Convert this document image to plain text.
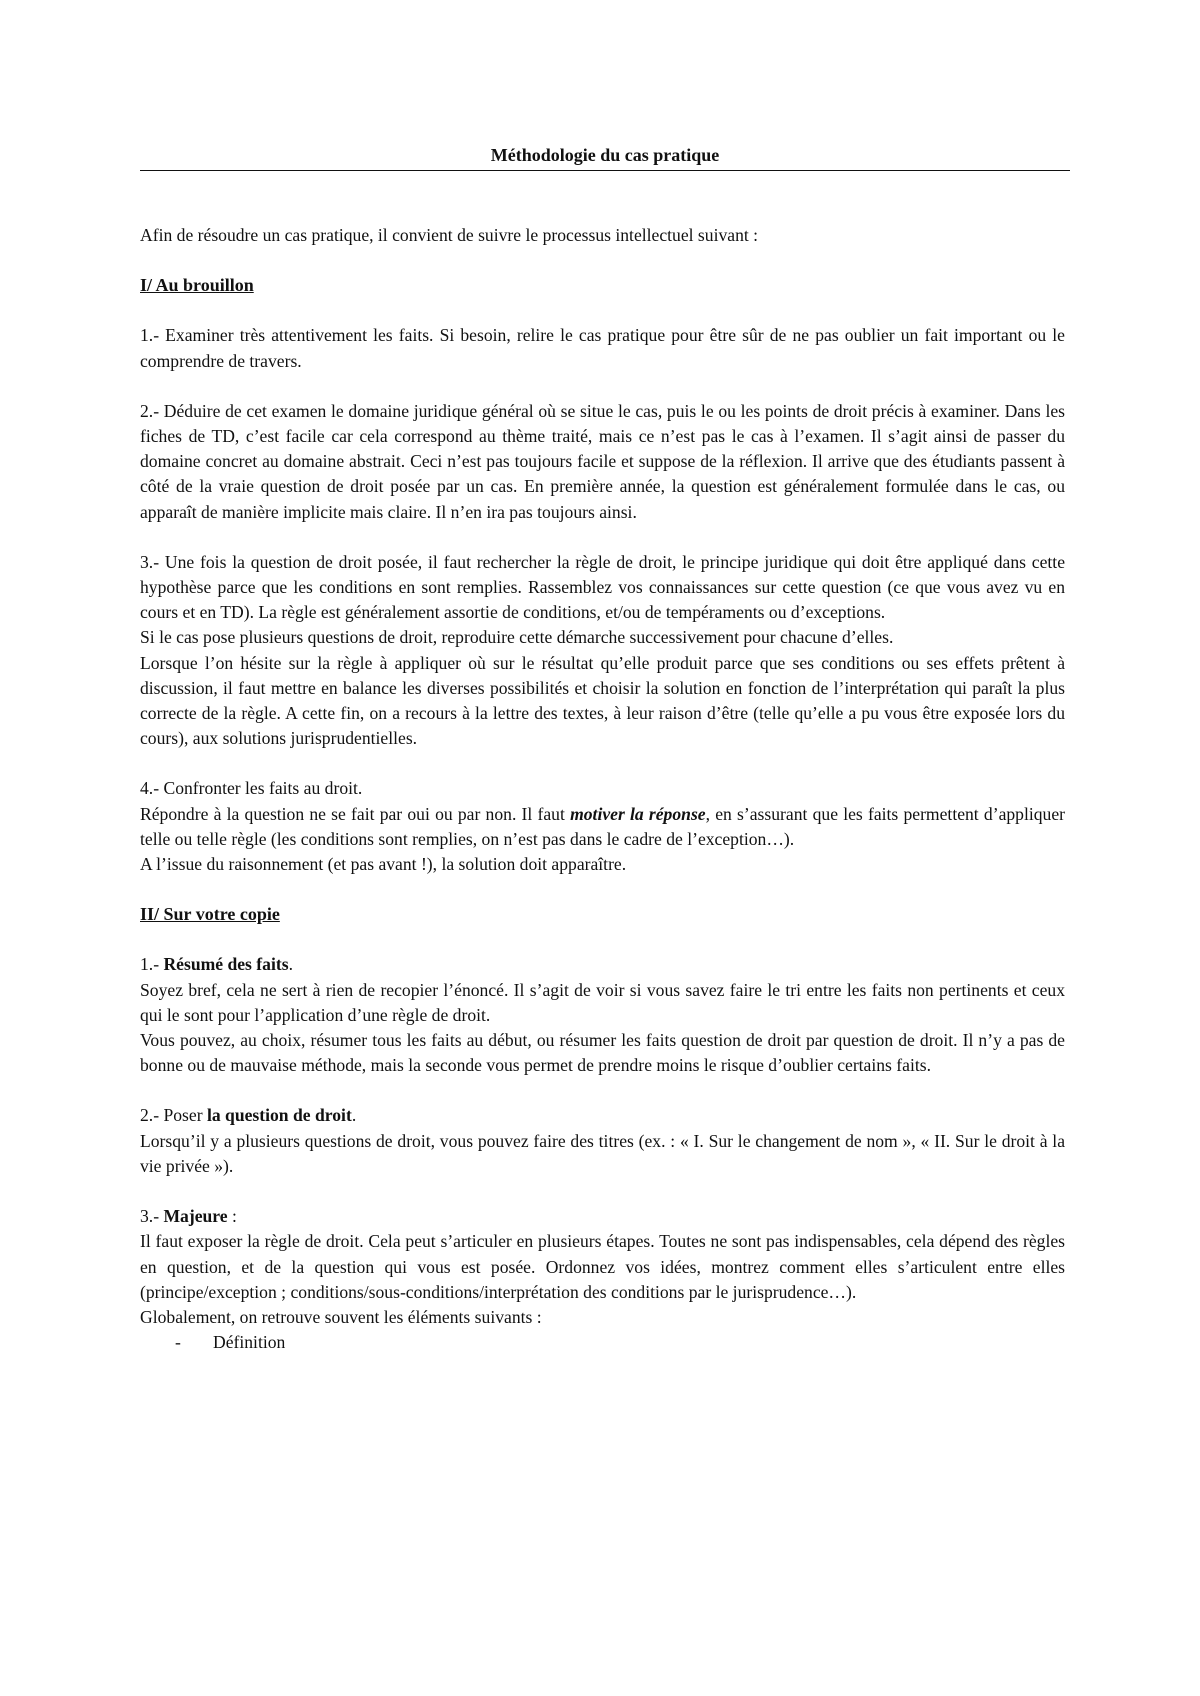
Méthodologie du cas pratique

Afin de résoudre un cas pratique, il convient de suivre le processus intellectuel suivant :

I/ Au brouillon

1.- Examiner très attentivement les faits. Si besoin, relire le cas pratique pour être sûr de ne pas oublier un fait important ou le comprendre de travers.

2.- Déduire de cet examen le domaine juridique général où se situe le cas, puis le ou les points de droit précis à examiner. Dans les fiches de TD, c’est facile car cela correspond au thème traité, mais ce n’est pas le cas à l’examen. Il s’agit ainsi de passer du domaine concret au domaine abstrait. Ceci n’est pas toujours facile et suppose de la réflexion. Il arrive que des étudiants passent à côté de la vraie question de droit posée par un cas. En première année, la question est généralement formulée dans le cas, ou apparaît de manière implicite mais claire. Il n’en ira pas toujours ainsi.

3.- Une fois la question de droit posée, il faut rechercher la règle de droit, le principe juridique qui doit être appliqué dans cette hypothèse parce que les conditions en sont remplies. Rassemblez vos connaissances sur cette question (ce que vous avez vu en cours et en TD). La règle est généralement assortie de conditions, et/ou de tempéraments ou d’exceptions.

Si le cas pose plusieurs questions de droit, reproduire cette démarche successivement pour chacune d’elles.

Lorsque l’on hésite sur la règle à appliquer où sur le résultat qu’elle produit parce que ses conditions ou ses effets prêtent à discussion, il faut mettre en balance les diverses possibilités et choisir la solution en fonction de l’interprétation qui paraît la plus correcte de la règle. A cette fin, on a recours à la lettre des textes, à leur raison d’être (telle qu’elle a pu vous être exposée lors du cours), aux solutions jurisprudentielles.

4.- Confronter les faits au droit.

Répondre à la question ne se fait par oui ou par non. Il faut motiver la réponse, en s’assurant que les faits permettent d’appliquer telle ou telle règle (les conditions sont remplies, on n’est pas dans le cadre de l’exception…).

A l’issue du raisonnement (et pas avant !), la solution doit apparaître.

II/ Sur votre copie

1.- Résumé des faits.

Soyez bref, cela ne sert à rien de recopier l’énoncé. Il s’agit de voir si vous savez faire le tri entre les faits non pertinents et ceux qui le sont pour l’application d’une règle de droit.

Vous pouvez, au choix, résumer tous les faits au début, ou résumer les faits question de droit par question de droit. Il n’y a pas de bonne ou de mauvaise méthode, mais la seconde vous permet de prendre moins le risque d’oublier certains faits.

2.- Poser la question de droit.

Lorsqu’il y a plusieurs questions de droit, vous pouvez faire des titres (ex. : « I. Sur le changement de nom », « II. Sur le droit à la vie privée »).

3.- Majeure :

Il faut exposer la règle de droit. Cela peut s’articuler en plusieurs étapes. Toutes ne sont pas indispensables, cela dépend des règles en question, et de la question qui vous est posée. Ordonnez vos idées, montrez comment elles s’articulent entre elles (principe/exception ; conditions/sous-conditions/interprétation des conditions par le jurisprudence…).

Globalement, on retrouve souvent les éléments suivants :

- Définition
